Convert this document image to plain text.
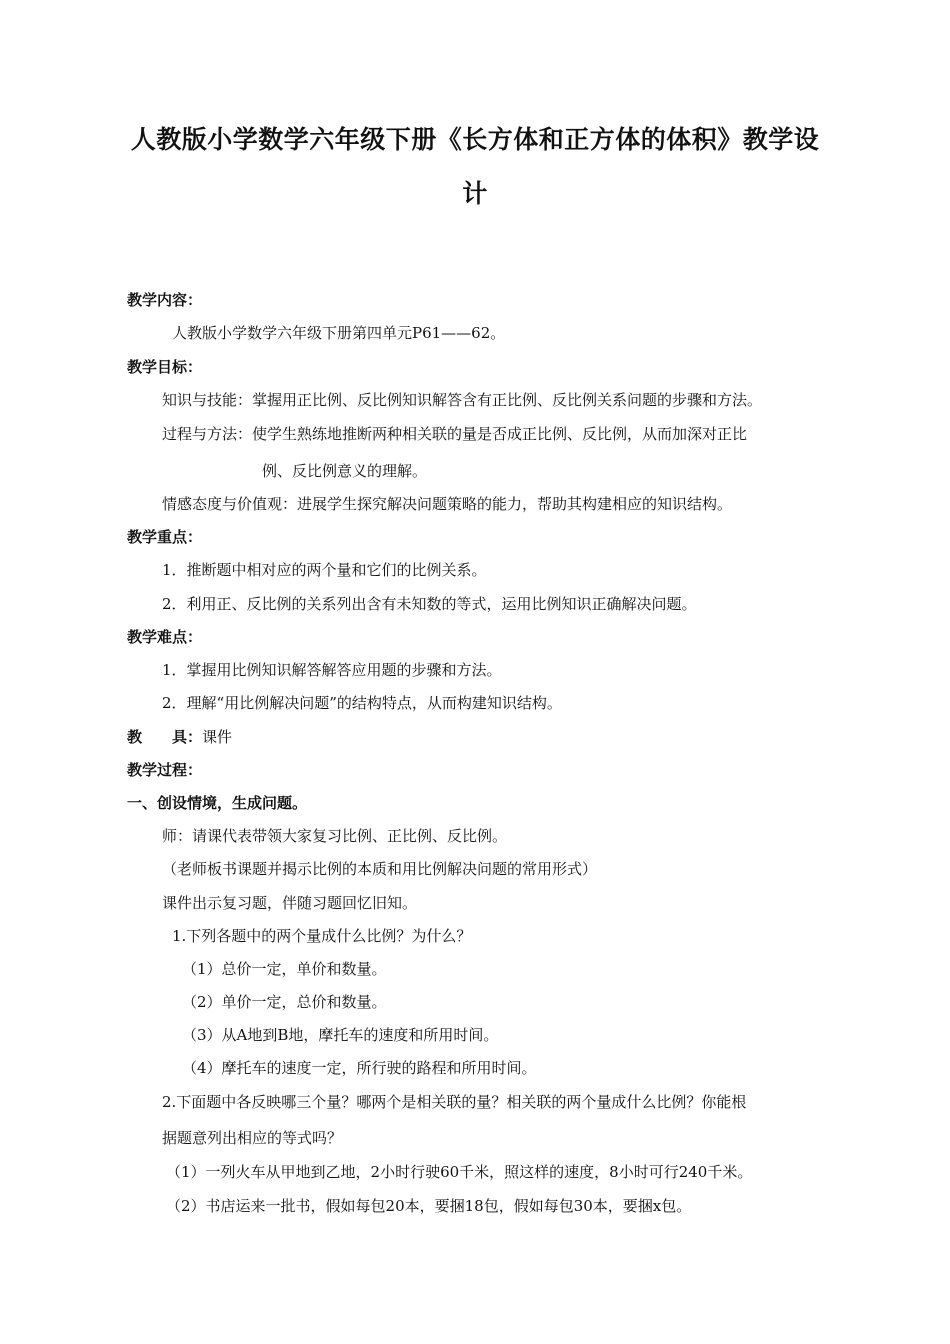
人教版小学数学六年级下册《长方体和正方体的体积》教学设
计
教学内容：
人教版小学数学六年级下册第四单元P61——62。
教学目标：
知识与技能：掌握用正比例、反比例知识解答含有正比例、反比例关系问题的步骤和方法。
过程与方法：使学生熟练地推断两种相关联的量是否成正比例、反比例，从而加深对正比
例、反比例意义的理解。
情感态度与价值观：进展学生探究解决问题策略的能力，帮助其构建相应的知识结构。
教学重点：
1．推断题中相对应的两个量和它们的比例关系。
2．利用正、反比例的关系列出含有未知数的等式，运用比例知识正确解决问题。
教学难点：
1．掌握用比例知识解答解答应用题的步骤和方法。
2．理解“用比例解决问题”的结构特点，从而构建知识结构。
教　　具：课件
教学过程：
一、创设情境，生成问题。
师：请课代表带领大家复习比例、正比例、反比例。
（老师板书课题并揭示比例的本质和用比例解决问题的常用形式）
课件出示复习题，伴随习题回忆旧知。
1.下列各题中的两个量成什么比例？为什么？
（1）总价一定，单价和数量。
（2）单价一定，总价和数量。
（3）从A地到B地，摩托车的速度和所用时间。
（4）摩托车的速度一定，所行驶的路程和所用时间。
2.下面题中各反映哪三个量？哪两个是相关联的量？相关联的两个量成什么比例？你能根
据题意列出相应的等式吗？
（1）一列火车从甲地到乙地，2小时行驶60千米，照这样的速度，8小时可行240千米。
（2）书店运来一批书，假如每包20本，要捆18包，假如每包30本，要捆x包。
